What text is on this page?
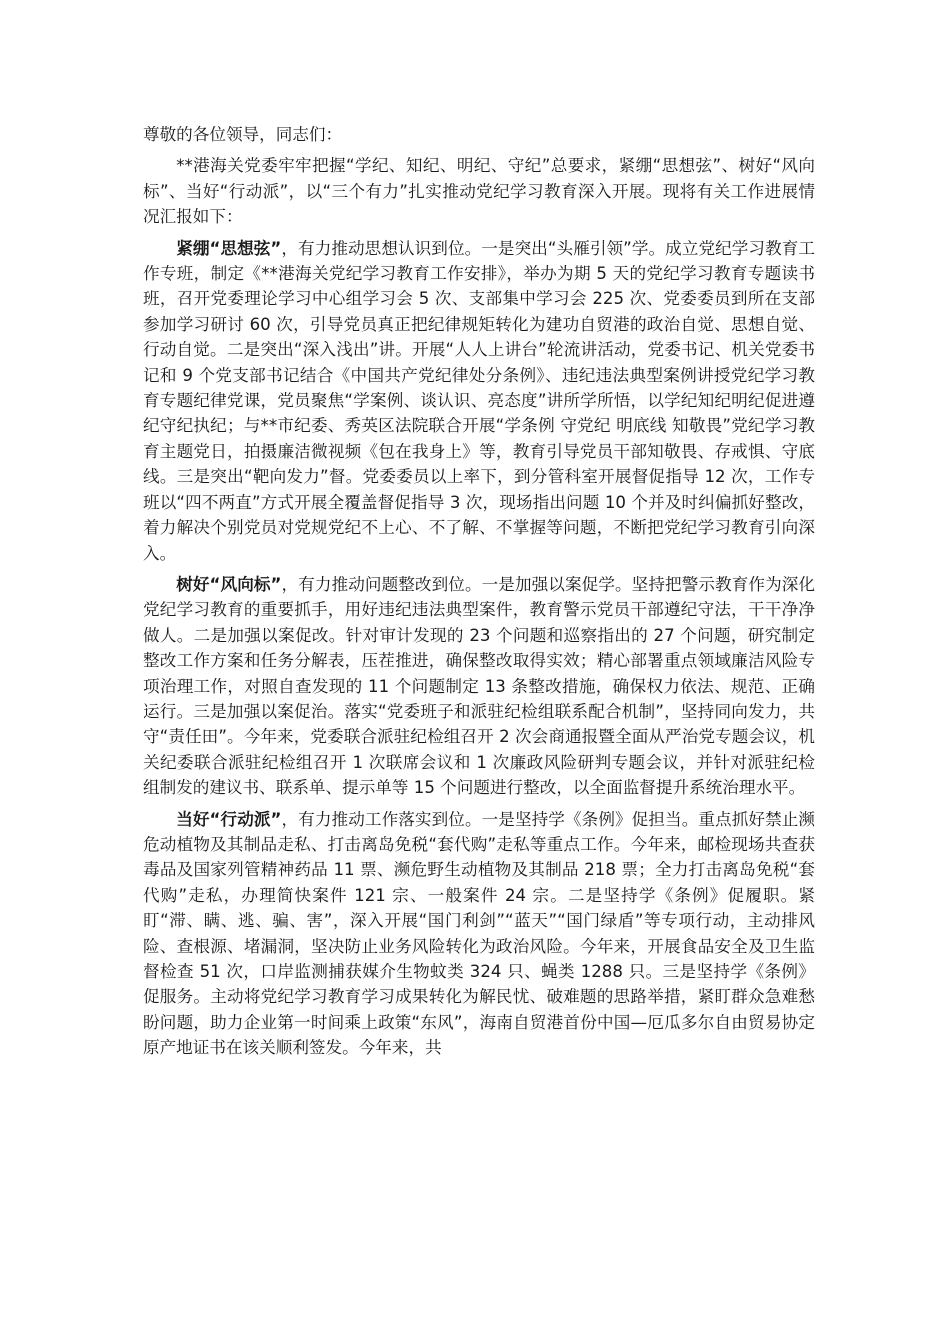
尊敬的各位领导，同志们：

**港海关党委牢牢把握“学纪、知纪、明纪、守纪”总要求，紧绷“思想弦”、树好“风向标”、当好“行动派”，以“三个有力”扎实推动党纪学习教育深入开展。现将有关工作进展情况汇报如下：

紧绷“思想弦”，有力推动思想认识到位。一是突出“头雁引领”学。成立党纪学习教育工作专班，制定《**港海关党纪学习教育工作安排》，举办为期 5 天的党纪学习教育专题读书班，召开党委理论学习中心组学习会 5 次、支部集中学习会 225 次、党委委员到所在支部参加学习研讨 60 次，引导党员真正把纪律规矩转化为建功自贸港的政治自觉、思想自觉、行动自觉。二是突出“深入浅出”讲。开展“人人上讲台”轮流讲活动，党委书记、机关党委书记和 9 个党支部书记结合《中国共产党纪律处分条例》、违纪违法典型案例讲授党纪学习教育专题纪律党课，党员聚焦“学案例、谈认识、亮态度”讲所学所悟，以学纪知纪明纪促进遵纪守纪执纪；与**市纪委、秀英区法院联合开展“学条例 守党纪 明底线 知敬畏”党纪学习教育主题党日，拍摄廉洁微视频《包在我身上》等，教育引导党员干部知敬畏、存戒惧、守底线。三是突出“靶向发力”督。党委委员以上率下，到分管科室开展督促指导 12 次，工作专班以“四不两直”方式开展全覆盖督促指导 3 次，现场指出问题 10 个并及时纠偏抓好整改，着力解决个别党员对党规党纪不上心、不了解、不掌握等问题，不断把党纪学习教育引向深入。

树好“风向标”，有力推动问题整改到位。一是加强以案促学。坚持把警示教育作为深化党纪学习教育的重要抓手，用好违纪违法典型案件，教育警示党员干部遵纪守法，干干净净做人。二是加强以案促改。针对审计发现的 23 个问题和巡察指出的 27 个问题，研究制定整改工作方案和任务分解表，压茬推进，确保整改取得实效；精心部署重点领域廉洁风险专项治理工作，对照自查发现的 11 个问题制定 13 条整改措施，确保权力依法、规范、正确运行。三是加强以案促治。落实“党委班子和派驻纪检组联系配合机制”，坚持同向发力，共守“责任田”。今年来，党委联合派驻纪检组召开 2 次会商通报暨全面从严治党专题会议，机关纪委联合派驻纪检组召开 1 次联席会议和 1 次廉政风险研判专题会议，并针对派驻纪检组制发的建议书、联系单、提示单等 15 个问题进行整改，以全面监督提升系统治理水平。

当好“行动派”，有力推动工作落实到位。一是坚持学《条例》促担当。重点抓好禁止濒危动植物及其制品走私、打击离岛免税“套代购”走私等重点工作。今年来，邮检现场共查获毒品及国家列管精神药品 11 票、濒危野生动植物及其制品 218 票；全力打击离岛免税“套代购”走私，办理简快案件 121 宗、一般案件 24 宗。二是坚持学《条例》促履职。紧盯“滞、瞒、逃、骗、害”，深入开展“国门利剑”“蓝天”“国门绿盾”等专项行动，主动排风险、查根源、堵漏洞，坚决防止业务风险转化为政治风险。今年来，开展食品安全及卫生监督检查 51 次，口岸监测捕获媒介生物蚊类 324 只、蝇类 1288 只。三是坚持学《条例》促服务。主动将党纪学习教育学习成果转化为解民忧、破难题的思路举措，紧盯群众急难愁盼问题，助力企业第一时间乘上政策“东风”，海南自贸港首份中国—厄瓜多尔自由贸易协定原产地证书在该关顺利签发。今年来，共
